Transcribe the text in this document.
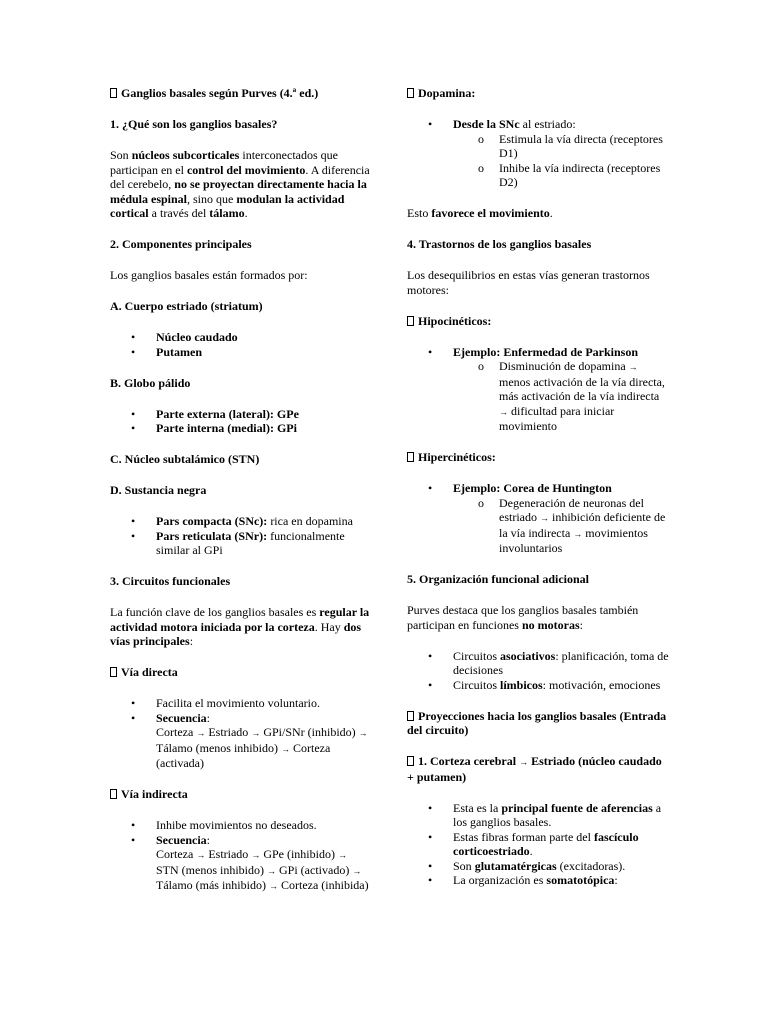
Ganglios basales según Purves (4.ª ed.)

1. ¿Qué son los ganglios basales?

Son núcleos subcorticales interconectados que participan en el control del movimiento. A diferencia del cerebelo, no se proyectan directamente hacia la médula espinal, sino que modulan la actividad cortical a través del tálamo.

2. Componentes principales

Los ganglios basales están formados por:

A. Cuerpo estriado (striatum)

• Núcleo caudado
• Putamen

B. Globo pálido

• Parte externa (lateral): GPe
• Parte interna (medial): GPi

C. Núcleo subtalámico (STN)

D. Sustancia negra

• Pars compacta (SNc): rica en dopamina
• Pars reticulata (SNr): funcionalmente similar al GPi

3. Circuitos funcionales

La función clave de los ganglios basales es regular la actividad motora iniciada por la corteza. Hay dos vías principales:

Vía directa

• Facilita el movimiento voluntario.
• Secuencia:
Corteza → Estriado → GPi/SNr (inhibido) → Tálamo (menos inhibido) → Corteza (activada)

Vía indirecta

• Inhibe movimientos no deseados.
• Secuencia:
Corteza → Estriado → GPe (inhibido) → STN (menos inhibido) → GPi (activado) → Tálamo (más inhibido) → Corteza (inhibida)

Dopamina:

• Desde la SNc al estriado:
o Estimula la vía directa (receptores D1)
o Inhibe la vía indirecta (receptores D2)

Esto favorece el movimiento.

4. Trastornos de los ganglios basales

Los desequilibrios en estas vías generan trastornos motores:

Hipocinéticos:

• Ejemplo: Enfermedad de Parkinson
o Disminución de dopamina → menos activación de la vía directa, más activación de la vía indirecta → dificultad para iniciar movimiento

Hipercinéticos:

• Ejemplo: Corea de Huntington
o Degeneración de neuronas del estriado → inhibición deficiente de la vía indirecta → movimientos involuntarios

5. Organización funcional adicional

Purves destaca que los ganglios basales también participan en funciones no motoras:

• Circuitos asociativos: planificación, toma de decisiones
• Circuitos límbicos: motivación, emociones

Proyecciones hacia los ganglios basales (Entrada del circuito)

1. Corteza cerebral → Estriado (núcleo caudado + putamen)

• Esta es la principal fuente de aferencias a los ganglios basales.
• Estas fibras forman parte del fascículo corticoestriado.
• Son glutamatérgicas (excitadoras).
• La organización es somatotópica:
